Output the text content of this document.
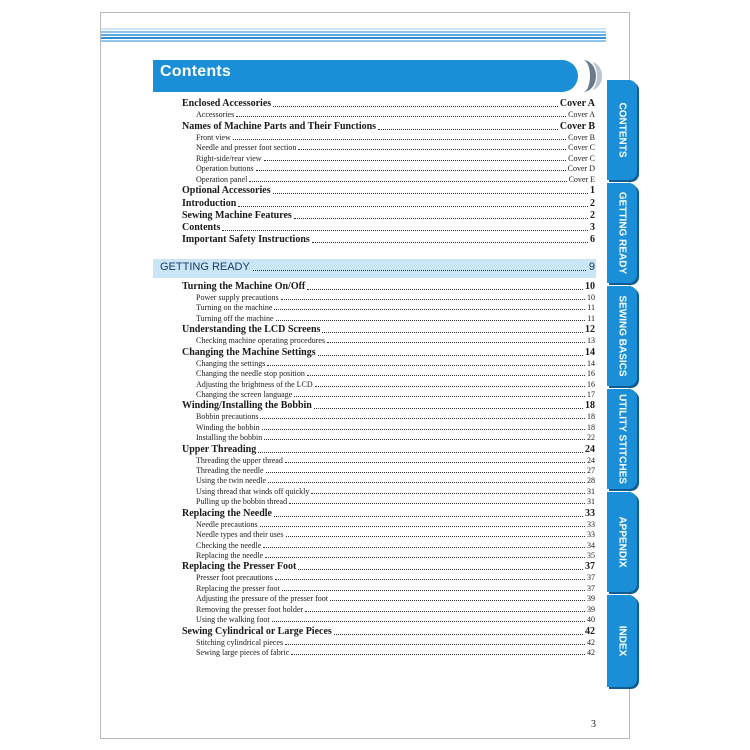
Contents
Enclosed Accessories	Cover A
Accessories	Cover A
Names of Machine Parts and Their Functions	Cover B
Front view	Cover B
Needle and presser foot section	Cover C
Right-side/rear view	Cover C
Operation buttons	Cover D
Operation panel	Cover E
Optional Accessories	1
Introduction	2
Sewing Machine Features	2
Contents	3
Important Safety Instructions	6
GETTING READY	9
Turning the Machine On/Off	10
Power supply precautions	10
Turning on the machine	11
Turning off the machine	11
Understanding the LCD Screens	12
Checking machine operating procedures	13
Changing the Machine Settings	14
Changing the settings	14
Changing the needle stop position	16
Adjusting the brightness of the LCD	16
Changing the screen language	17
Winding/Installing the Bobbin	18
Bobbin precautions	18
Winding the bobbin	18
Installing the bobbin	22
Upper Threading	24
Threading the upper thread	24
Threading the needle	27
Using the twin needle	28
Using thread that winds off quickly	31
Pulling up the bobbin thread	31
Replacing the Needle	33
Needle precautions	33
Needle types and their uses	33
Checking the needle	34
Replacing the needle	35
Replacing the Presser Foot	37
Presser foot precautions	37
Replacing the presser foot	37
Adjusting the pressure of the presser foot	39
Removing the presser foot holder	39
Using the walking foot	40
Sewing Cylindrical or Large Pieces	42
Stitching cylindrical pieces	42
Sewing large pieces of fabric	42
CONTENTS
GETTING READY
SEWING BASICS
UTILITY STITCHES
APPENDIX
INDEX
3
